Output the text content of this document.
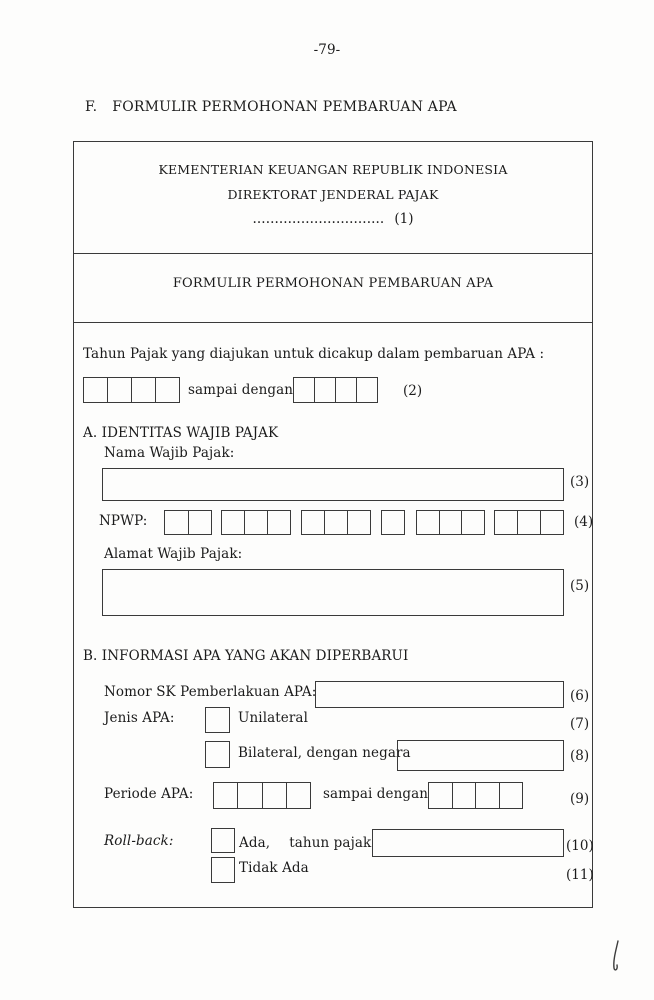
-79-
F. FORMULIR PERMOHONAN PEMBARUAN APA
KEMENTERIAN KEUANGAN REPUBLIK INDONESIA
DIREKTORAT JENDERAL PAJAK
.............................. (1)
FORMULIR PERMOHONAN PEMBARUAN APA
Tahun Pajak yang diajukan untuk dicakup dalam pembaruan APA :
sampai dengan	(2)
A. IDENTITAS WAJIB PAJAK
Nama Wajib Pajak:
(3)
NPWP:	(4)
Alamat Wajib Pajak:
(5)
B. INFORMASI APA YANG AKAN DIPERBARUI
Nomor SK Pemberlakuan APA:	(6)
Jenis APA:	Unilateral	(7)
Bilateral, dengan negara	(8)
Periode APA:	sampai dengan	(9)
Roll-back:	Ada, tahun pajak	(10)
Tidak Ada	(11)
